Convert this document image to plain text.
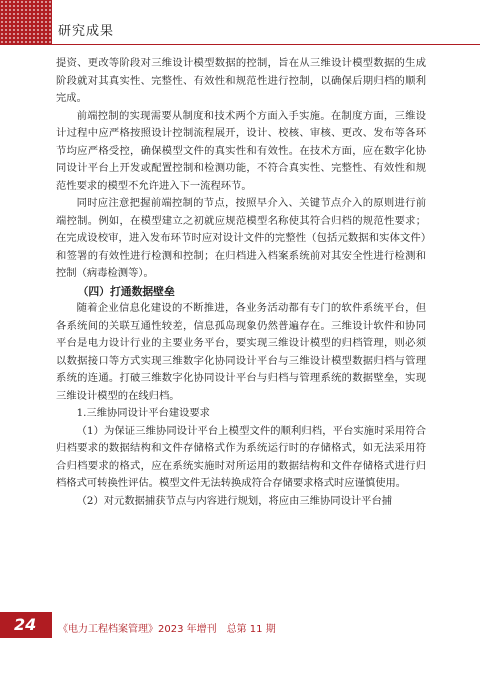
研究成果

提资、更改等阶段对三维设计模型数据的控制，旨在从三维设计模型数据的生成阶段就对其真实性、完整性、有效性和规范性进行控制，以确保后期归档的顺利完成。

前端控制的实现需要从制度和技术两个方面入手实施。在制度方面，三维设计过程中应严格按照设计控制流程展开，设计、校核、审核、更改、发布等各环节均应严格受控，确保模型文件的真实性和有效性。在技术方面，应在数字化协同设计平台上开发或配置控制和检测功能，不符合真实性、完整性、有效性和规范性要求的模型不允许进入下一流程环节。

同时应注意把握前端控制的节点，按照早介入、关键节点介入的原则进行前端控制。例如，在模型建立之初就应规范模型名称使其符合归档的规范性要求；在完成设校审，进入发布环节时应对设计文件的完整性（包括元数据和实体文件）和签署的有效性进行检测和控制；在归档进入档案系统前对其安全性进行检测和控制（病毒检测等）。

（四）打通数据壁垒

随着企业信息化建设的不断推进，各业务活动都有专门的软件系统平台，但各系统间的关联互通性较差，信息孤岛现象仍然普遍存在。三维设计软件和协同平台是电力设计行业的主要业务平台，要实现三维设计模型的归档管理，则必须以数据接口等方式实现三维数字化协同设计平台与三维设计模型数据归档与管理系统的连通。打破三维数字化协同设计平台与归档与管理系统的数据壁垒，实现三维设计模型的在线归档。

1.三维协同设计平台建设要求

（1）为保证三维协同设计平台上模型文件的顺利归档，平台实施时采用符合归档要求的数据结构和文件存储格式作为系统运行时的存储格式，如无法采用符合归档要求的格式，应在系统实施时对所运用的数据结构和文件存储格式进行归档格式可转换性评估。模型文件无法转换成符合存储要求格式时应谨慎使用。

（2）对元数据捕获节点与内容进行规划，将应由三维协同设计平台捕

24 《电力工程档案管理》2023 年增刊　总第 11 期
